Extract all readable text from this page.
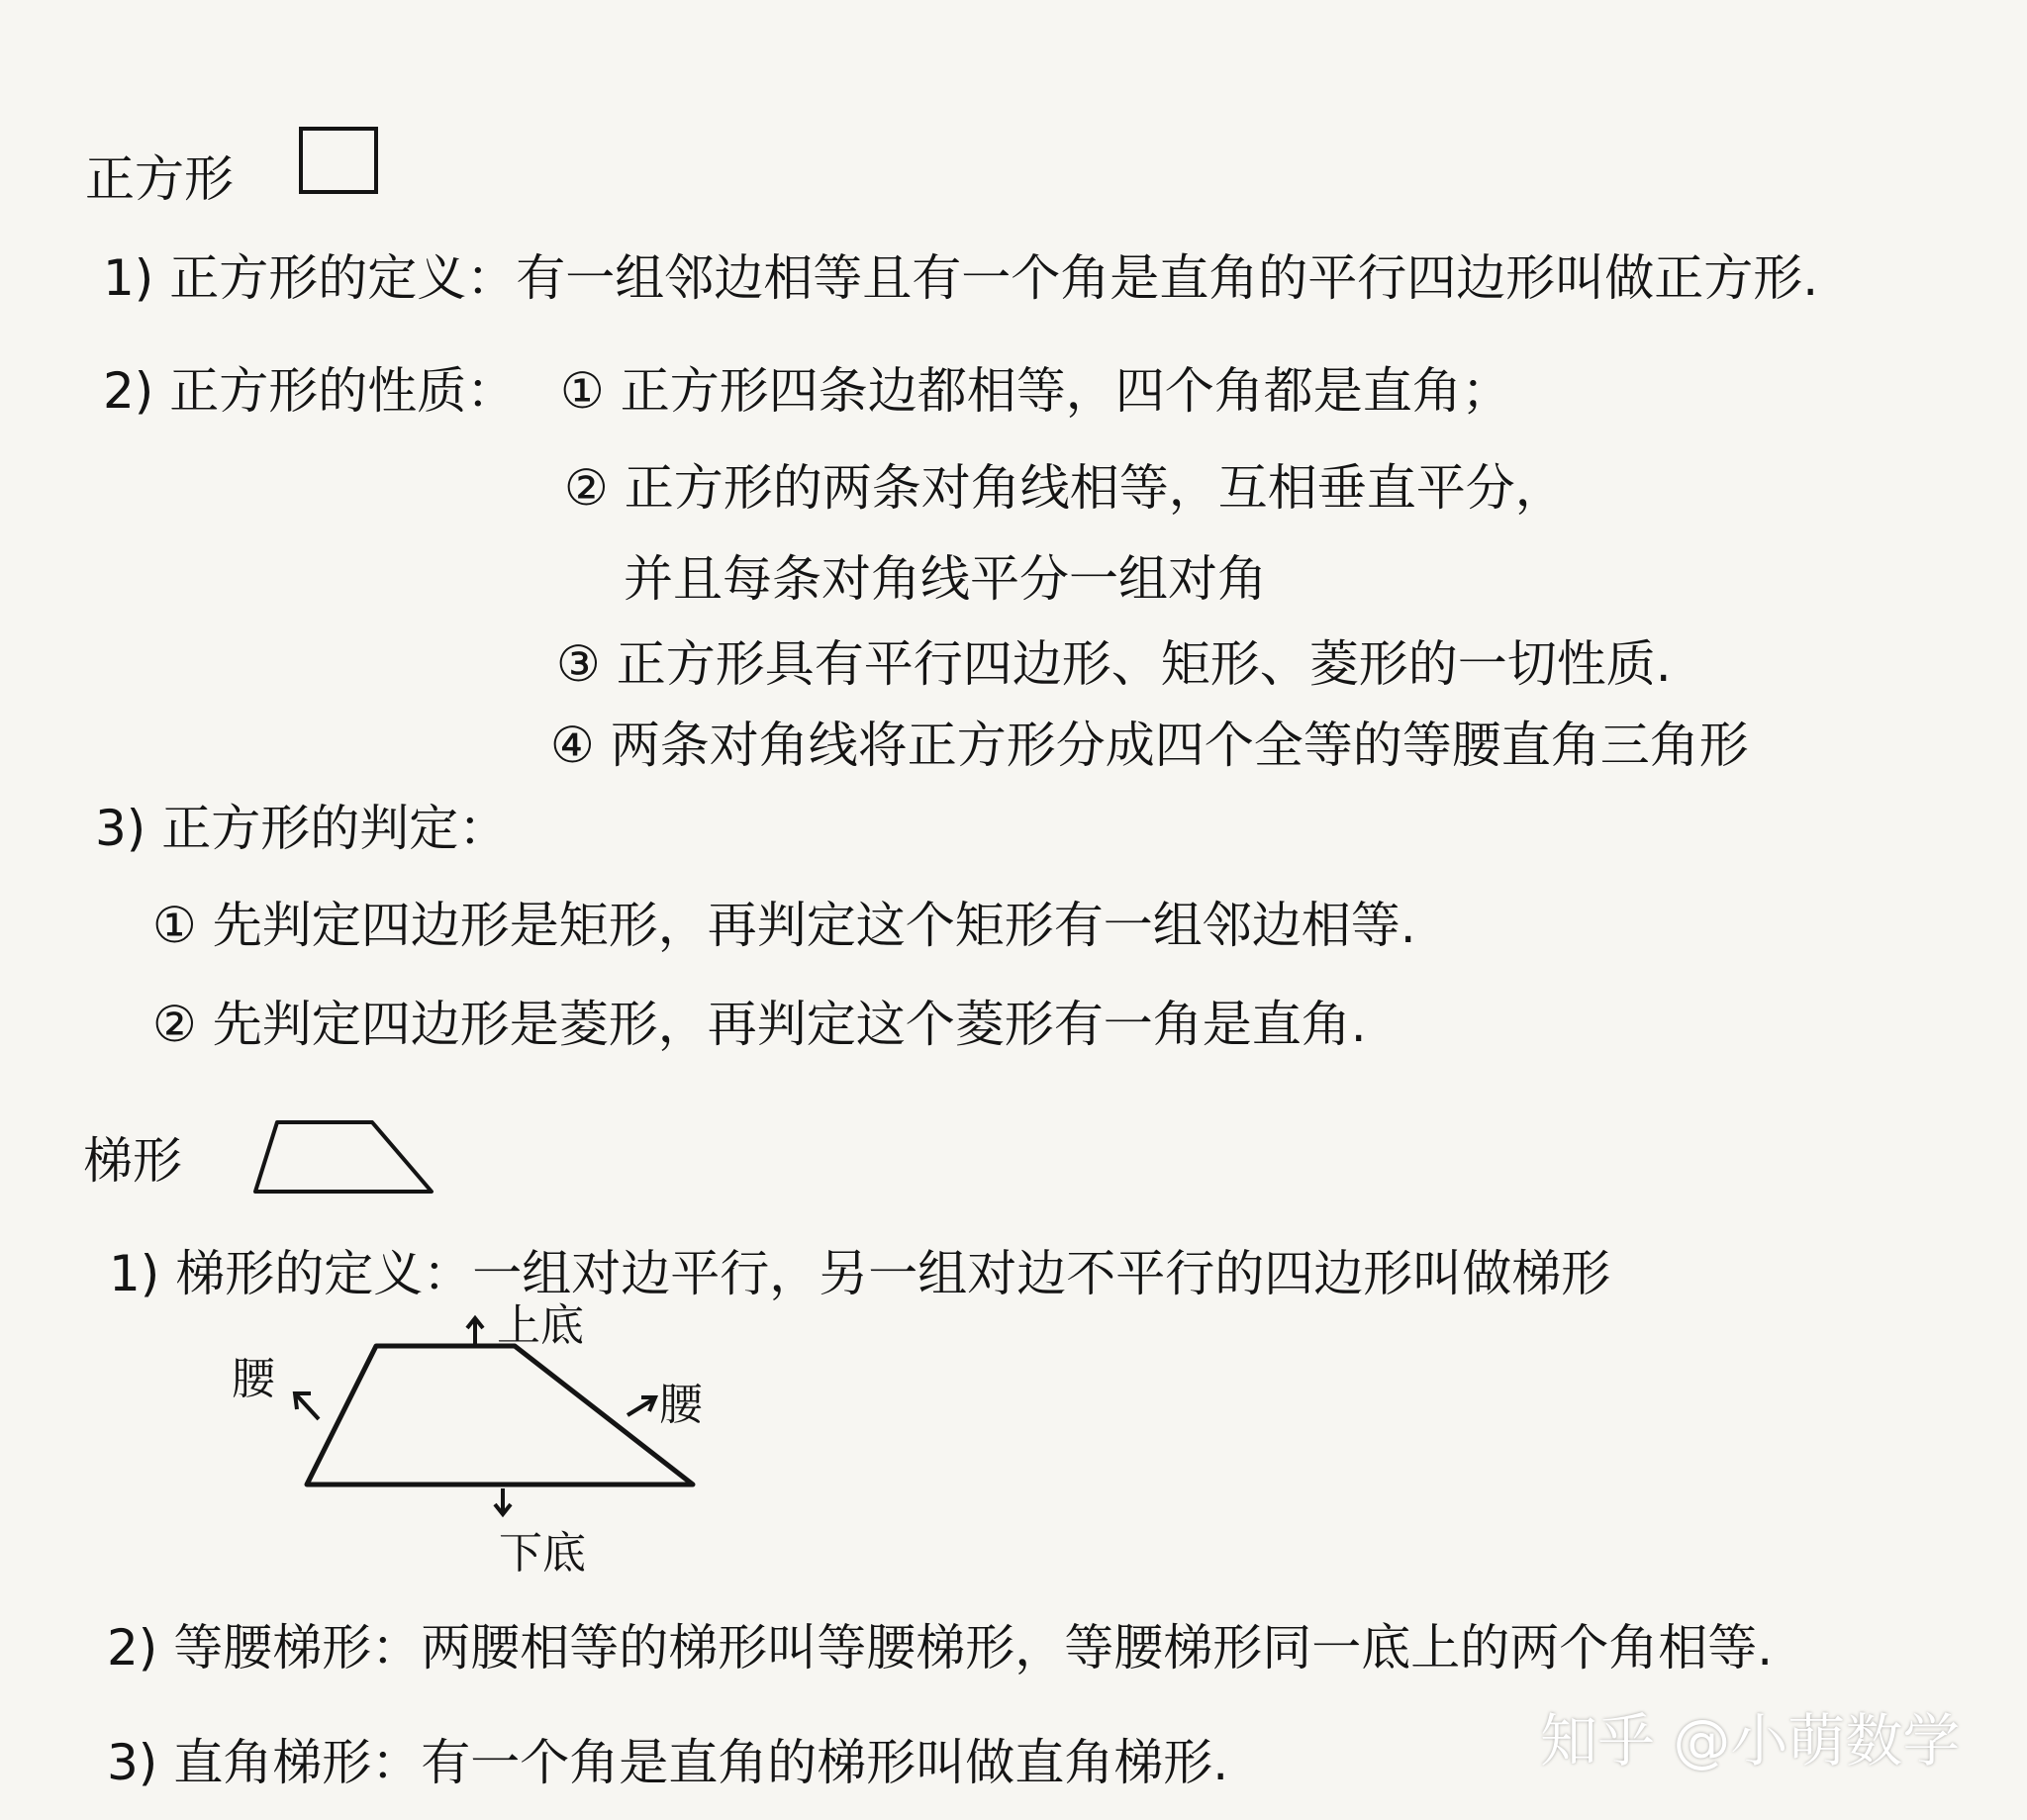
正方形
1) 正方形的定义：有一组邻边相等且有一个角是直角的平行四边形叫做正方形.
2) 正方形的性质： ① 正方形四条边都相等，四个角都是直角；
② 正方形的两条对角线相等，互相垂直平分，
并且每条对角线平分一组对角
③ 正方形具有平行四边形、矩形、菱形的一切性质.
④ 两条对角线将正方形分成四个全等的等腰直角三角形
3) 正方形的判定：
① 先判定四边形是矩形，再判定这个矩形有一组邻边相等.
② 先判定四边形是菱形，再判定这个菱形有一角是直角.
梯形
1) 梯形的定义：一组对边平行，另一组对边不平行的四边形叫做梯形
上底
下底
腰
腰
2) 等腰梯形：两腰相等的梯形叫等腰梯形，等腰梯形同一底上的两个角相等.
3) 直角梯形：有一个角是直角的梯形叫做直角梯形.	知乎 @小萌数学
